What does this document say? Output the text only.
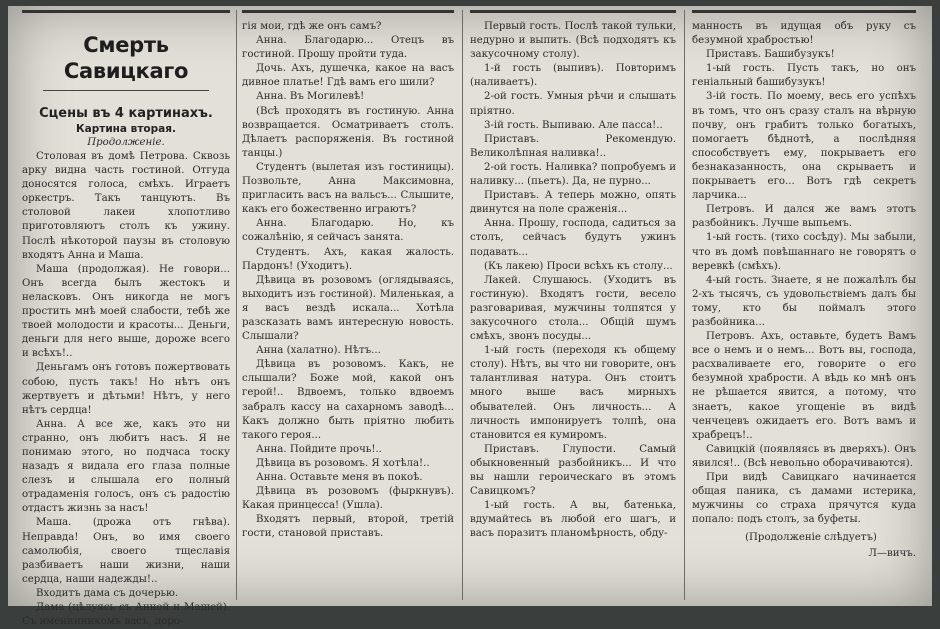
Смерть Савицкаго
Сцены въ 4 картинахъ.
Картина вторая.
Продолженіе.

Столовая въ домѣ Петрова. Сквозь арку видна часть гостиной. Отгуда доносятся голоса, смѣхъ. Играетъ оркестръ. Такъ танцуютъ. Въ столовой лакеи хлопотливо приготовляютъ столъ къ ужину. Послѣ нѣкоторой паузы въ столовую входятъ Анна и Маша.

Маша (продолжая). Не говори... Онъ всегда былъ жестокъ и неласковъ. Онъ никогда не могъ простить мнѣ моей слабости, тебѣ же твоей молодости и красоты... Деньги, деньги для него выше, дороже всего и всѣхъ!..

Деньгамъ онъ готовъ пожертвовать собою, пусть такъ! Но нѣтъ онъ жертвуетъ и дѣтьми! Нѣтъ, у него нѣтъ сердца!

Анна. А все же, какъ это ни странно, онъ любитъ насъ. Я не понимаю этого, но подчаса тоску назадъ я видала его глаза полные слезъ и слышала его полный отрадаменія голосъ, онъ съ радостію отдастъ жизнь за насъ!

Маша. (дрожа отъ гнѣва). Неправда! Онъ, во имя своего самолюбія, своего тщеславія разбиваетъ наши жизни, наши сердца, наши надежды!..

Входитъ дама съ дочерью.

Дама (цѣлуясь съ Анной и Машей). Съ именинникомъ васъ, доро-

гія мои, гдѣ же онъ самъ?

Анна. Благодарю... Отецъ въ гостиной. Прошу пройти туда.

Дочь. Ахъ, душечка, какое на васъ дивное платье! Гдѣ вамъ его шили?

Анна. Въ Могилевѣ!

(Всѣ проходятъ въ гостиную. Анна возвращается. Осматриваетъ столъ. Дѣлаетъ распоряженія. Въ гостиной танцы.)

Студентъ (вылетая изъ гостиницы). Позвольте, Анна Максимовна, пригласить васъ на вальсъ... Слышите, какъ его божественно играютъ?

Анна. Благодарю. Но, къ сожалѣнію, я сейчасъ занята.

Студентъ. Ахъ, какая жалость. Пардонъ! (Уходитъ).

Дѣвица въ розовомъ (оглядываясь, выходитъ изъ гостиной). Миленькая, а я васъ вездѣ искала... Хотѣла разсказать вамъ интересную новость. Слышали?

Анна (халатно). Нѣтъ...

Дѣвица въ розовомъ. Какъ, не слышали? Боже мой, какой онъ герой!.. Вдвоемъ, только вдвоемъ забралъ кассу на сахарномъ заводѣ... Какъ должно быть пріятно любить такого героя...

Анна. Пойдите прочь!..

Дѣвица въ розовомъ. Я хотѣла!..

Анна. Оставьте меня въ покоѣ.

Дѣвица въ розовомъ (фыркнувъ). Какая принцесса! (Ушла).

Входятъ первый, второй, третій гости, становой приставъ.

Первый гость. Послѣ такой тульки, недурно и выпить. (Всѣ подходятъ къ закусочному столу).

1-й гость (выпивъ). Повторимъ (наливаетъ).

2-ой гость. Умныя рѣчи и слышать пріятно.

3-ій гость. Выпиваю. Але пасса!..

Приставъ. Рекомендую. Великолѣпная наливка!..

2-ой гость. Наливка? попробуемъ и наливку... (пьетъ). Да, не пурно...

Приставъ. А теперь можно, опять двинутся на поле сраженія...

Анна. Прошу, господа, садиться за столъ, сейчасъ будутъ ужинъ подавать...

(Къ лакею) Проси всѣхъ къ столу...

Лакей. Слушаюсь. (Уходитъ въ гостиную). Входятъ гости, весело разговаривая, мужчины толпятся у закусочного стола... Общій шумъ смѣхъ, звонъ посуды...

1-ый гость (переходя къ общему столу). Нѣтъ, вы что ни говорите, онъ талантливая натура. Онъ стоитъ много выше васъ мирныхъ обывателей. Онъ личность... А личность импонируетъ толпѣ, она становится ея кумиромъ.

Приставъ. Глупости. Самый обыкновенный разбойникъ... И что вы нашли героическаго въ этомъ Савицкомъ?

1-ый гость. А вы, батенька, вдумайтесь въ любой его шагъ, и васъ поразитъ планомѣрность, обду-

манность въ идущая объ руку съ безумной храбростью!

Приставъ. Башибузукъ!

1-ый гость. Пусть такъ, но онъ геніальный башибузукъ!

3-ій гость. По моему, весь его успѣхъ въ томъ, что онъ сразу сталъ на вѣрную почву, онъ грабитъ только богатыхъ, помогаетъ бѣднотѣ, а послѣдняя способствуетъ ему, покрываетъ его безнаказанность, она скрываетъ и покрываетъ его... Вотъ гдѣ секретъ ларчика...

Петровъ. И дался же вамъ этотъ разбойникъ. Лучше выпьемъ.

1-ый гость. (тихо сосѣду). Мы забыли, что въ домѣ повѣшаннаго не говорятъ о веревкѣ (смѣхъ).

4-ый гость. Знаете, я не пожалѣлъ бы 2-хъ тысячъ, съ удовольствіемъ далъ бы тому, кто бы поймалъ этого разбойника...

Петровъ. Ахъ, оставьте, будетъ Вамъ все о немъ и о немъ... Вотъ вы, господа, расхваливаете его, говорите о его безумной храбрости. А вѣдь ко мнѣ онъ не рѣшается явится, а потому, что знаетъ, какое угощеніе въ видѣ ченчецевъ ожидаетъ его. Вотъ вамъ и храбрецъ!..

Савицкій (появляясь въ дверяхъ). Онъ явился!.. (Всѣ невольно оборачиваются).

При видѣ Савицкаго начинается общая паника, съ дамами истерика, мужчины со страха прячутся куда попало: подъ столъ, за буфеты.

(Продолженіе слѣдуетъ)

Л—вичъ.
